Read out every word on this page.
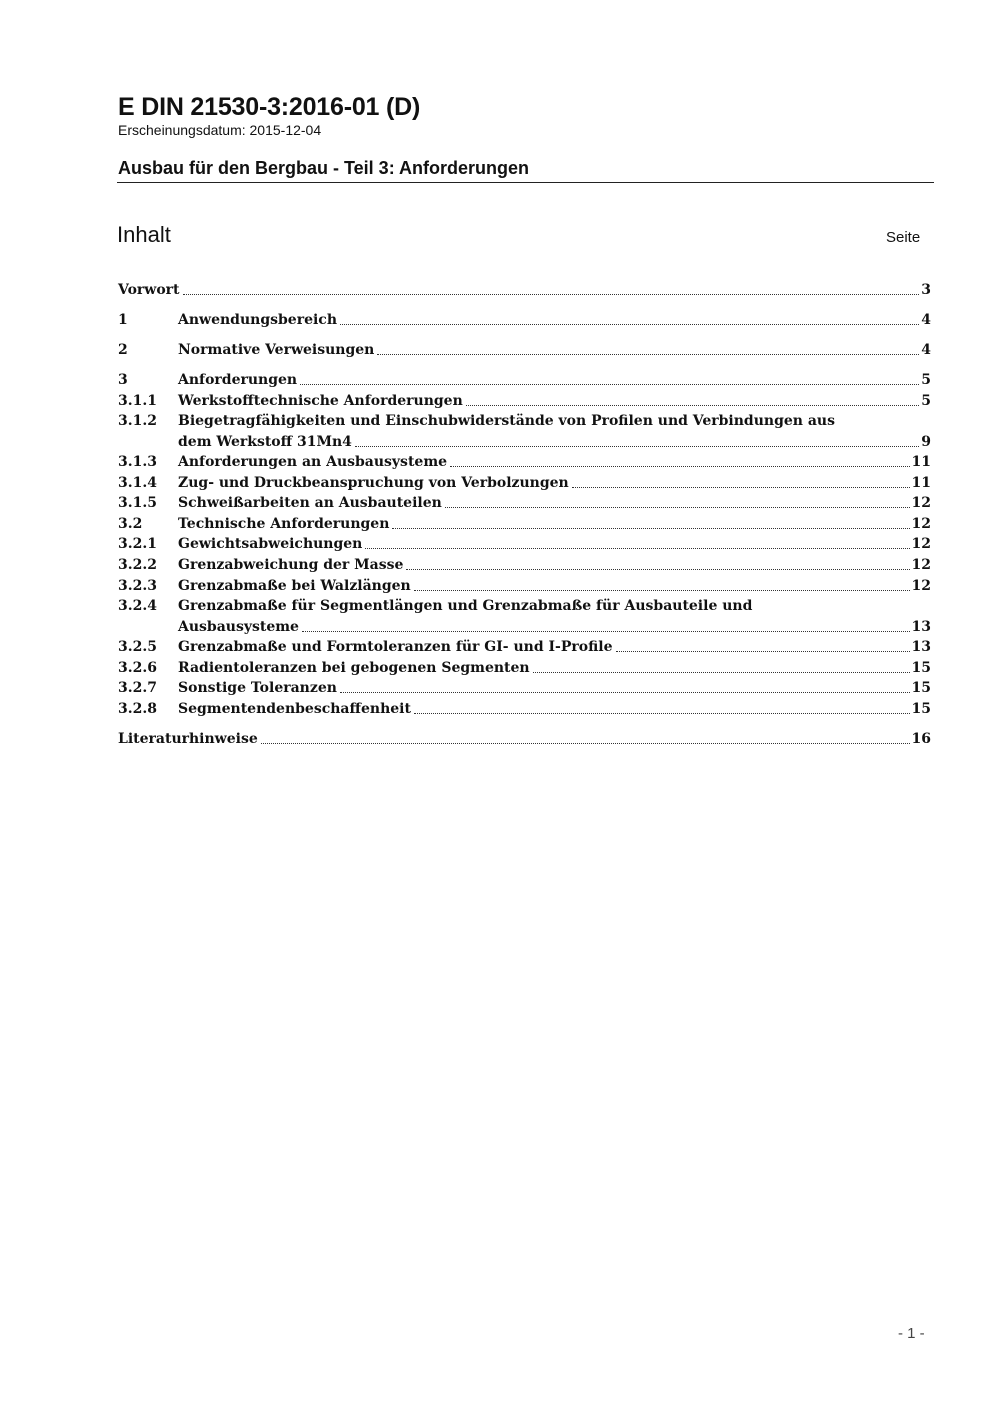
E DIN 21530-3:2016-01 (D)
Erscheinungsdatum: 2015-12-04
Ausbau für den Bergbau - Teil 3: Anforderungen
Inhalt	Seite
Vorwort	3
1	Anwendungsbereich	4
2	Normative Verweisungen	4
3	Anforderungen	5
3.1.1 Werkstofftechnische Anforderungen	5
3.1.2 Biegetragfähigkeiten und Einschubwiderstände von Profilen und Verbindungen aus
dem Werkstoff 31Mn4	9
3.1.3 Anforderungen an Ausbausysteme	11
3.1.4 Zug- und Druckbeanspruchung von Verbolzungen	11
3.1.5 Schweißarbeiten an Ausbauteilen	12
3.2	Technische Anforderungen	12
3.2.1 Gewichtsabweichungen	12
3.2.2 Grenzabweichung der Masse	12
3.2.3 Grenzabmaße bei Walzlängen	12
3.2.4 Grenzabmaße für Segmentlängen und Grenzabmaße für Ausbauteile und
Ausbausysteme	13
3.2.5 Grenzabmaße und Formtoleranzen für GI- und I-Profile	13
3.2.6 Radientoleranzen bei gebogenen Segmenten	15
3.2.7 Sonstige Toleranzen	15
3.2.8 Segmentendenbeschaffenheit	15
Literaturhinweise	16
- 1 -
